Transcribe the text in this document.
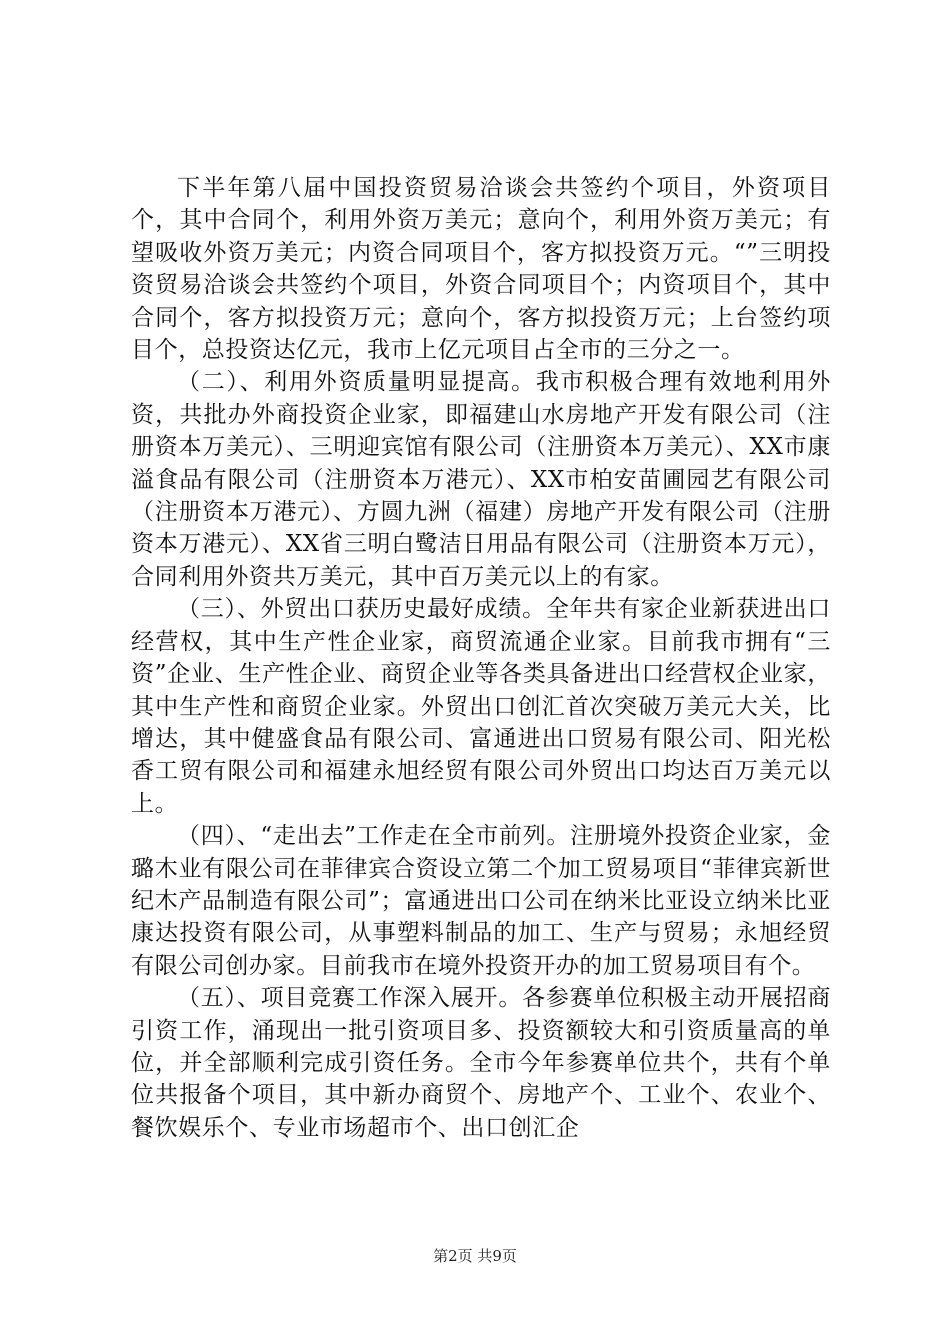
下半年第八届中国投资贸易洽谈会共签约个项目，外资项目个，其中合同个，利用外资万美元；意向个，利用外资万美元；有望吸收外资万美元；内资合同项目个，客方拟投资万元。“”三明投资贸易洽谈会共签约个项目，外资合同项目个；内资项目个，其中合同个，客方拟投资万元；意向个，客方拟投资万元；上台签约项目个，总投资达亿元，我市上亿元项目占全市的三分之一。

（二）、利用外资质量明显提高。我市积极合理有效地利用外资，共批办外商投资企业家，即福建山水房地产开发有限公司（注册资本万美元）、三明迎宾馆有限公司（注册资本万美元）、XX市康溢食品有限公司（注册资本万港元）、XX市柏安苗圃园艺有限公司（注册资本万港元）、方圆九洲（福建）房地产开发有限公司（注册资本万港元）、XX省三明白鹭洁日用品有限公司（注册资本万元），合同利用外资共万美元，其中百万美元以上的有家。

（三）、外贸出口获历史最好成绩。全年共有家企业新获进出口经营权，其中生产性企业家，商贸流通企业家。目前我市拥有“三资”企业、生产性企业、商贸企业等各类具备进出口经营权企业家，其中生产性和商贸企业家。外贸出口创汇首次突破万美元大关，比增达，其中健盛食品有限公司、富通进出口贸易有限公司、阳光松香工贸有限公司和福建永旭经贸有限公司外贸出口均达百万美元以上。

（四）、“走出去”工作走在全市前列。注册境外投资企业家，金璐木业有限公司在菲律宾合资设立第二个加工贸易项目“菲律宾新世纪木产品制造有限公司”；富通进出口公司在纳米比亚设立纳米比亚康达投资有限公司，从事塑料制品的加工、生产与贸易；永旭经贸有限公司创办家。目前我市在境外投资开办的加工贸易项目有个。

（五）、项目竞赛工作深入展开。各参赛单位积极主动开展招商引资工作，涌现出一批引资项目多、投资额较大和引资质量高的单位，并全部顺利完成引资任务。全市今年参赛单位共个，共有个单位共报备个项目，其中新办商贸个、房地产个、工业个、农业个、餐饮娱乐个、专业市场超市个、出口创汇企

第2页 共9页
